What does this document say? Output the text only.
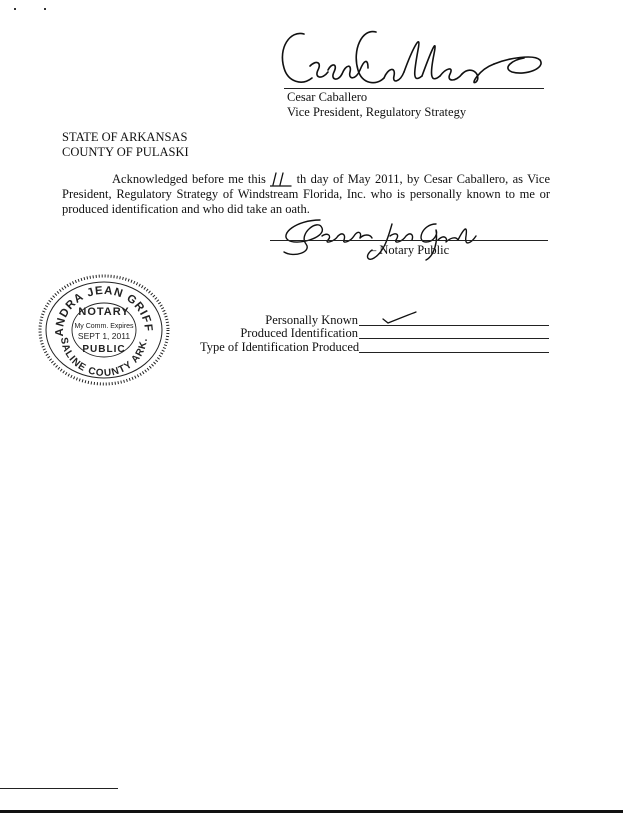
Cesar Caballero
Vice President, Regulatory Strategy
STATE OF ARKANSAS
COUNTY OF PULASKI
Acknowledged before me this th day of May 2011, by Cesar Caballero, as Vice President, Regulatory Strategy of Windstream Florida, Inc. who is personally known to me or produced identification and who did take an oath.
– Notary Public
ANDRA JEAN GRIFF
SALINE COUNTY ARK.
NOTARY
My Comm. Expires
SEPT 1, 2011
PUBLIC
Personally Known
Produced Identification
Type of Identification Produced
